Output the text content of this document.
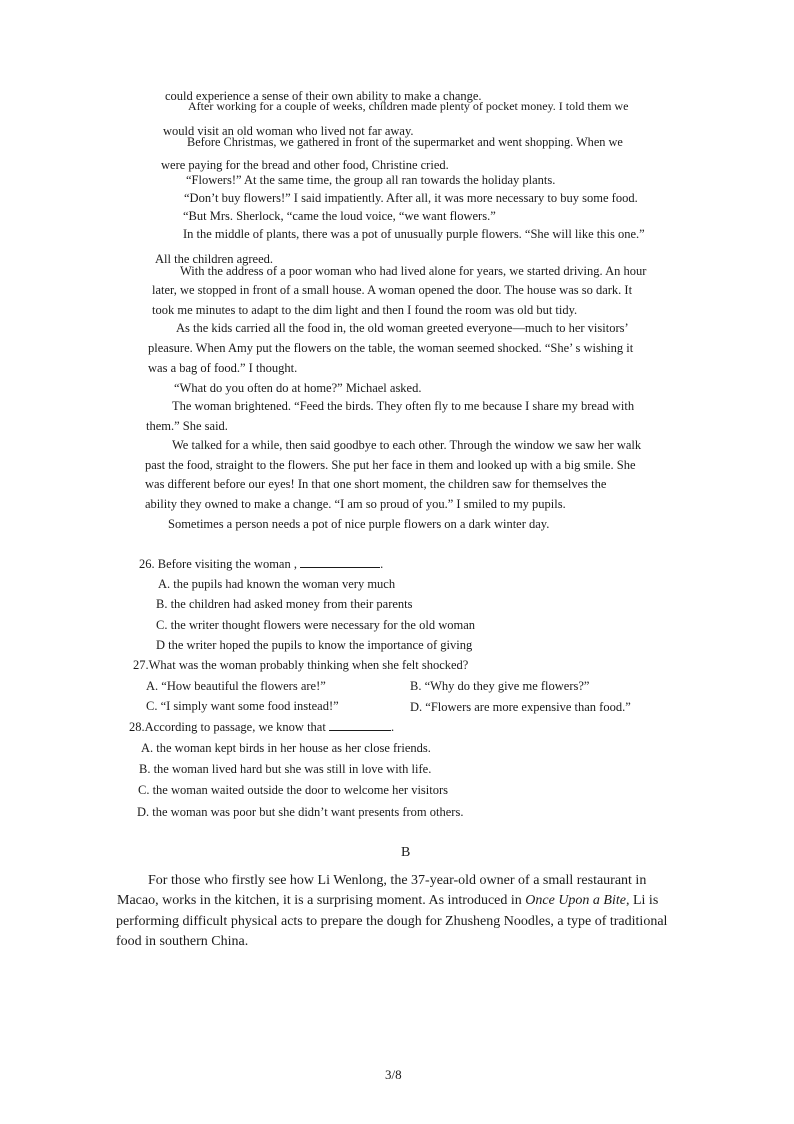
could experience a sense of their own ability to make a change.
After working for a couple of weeks, children made plenty of pocket money. I told them we
would visit an old woman who lived not far away.
Before Christmas, we gathered in front of the supermarket and went shopping. When we
were paying for the bread and other food, Christine cried.
“Flowers!” At the same time, the group all ran towards the holiday plants.
“Don’t buy flowers!” I said impatiently. After all, it was more necessary to buy some food.
“But Mrs. Sherlock, “came the loud voice, “we want flowers.”
In the middle of plants, there was a pot of unusually purple flowers. “She will like this one.”
All the children agreed.
With the address of a poor woman who had lived alone for years, we started driving. An hour
later, we stopped in front of a small house. A woman opened the door. The house was so dark. It
took me minutes to adapt to the dim light and then I found the room was old but tidy.
As the kids carried all the food in, the old woman greeted everyone—much to her visitors’
pleasure. When Amy put the flowers on the table, the woman seemed shocked. “She’ s wishing it
was a bag of food.” I thought.
“What do you often do at home?” Michael asked.
The woman brightened. “Feed the birds. They often fly to me because I share my bread with
them.” She said.
We talked for a while, then said goodbye to each other. Through the window we saw her walk
past the food, straight to the flowers. She put her face in them and looked up with a big smile. She
was different before our eyes! In that one short moment, the children saw for themselves the
ability they owned to make a change. “I am so proud of you.” I smiled to my pupils.
Sometimes a person needs a pot of nice purple flowers on a dark winter day.
26. Before visiting the woman ,	.
A. the pupils had known the woman very much
B. the children had asked money from their parents
C. the writer thought flowers were necessary for the old woman
D the writer hoped the pupils to know the importance of giving
27.What was the woman probably thinking when she felt shocked?
A. “How beautiful the flowers are!”	B. “Why do they give me flowers?”
C. “I simply want some food instead!”	D. “Flowers are more expensive than food.”
28.According to passage, we know that	.
A. the woman kept birds in her house as her close friends.
B. the woman lived hard but she was still in love with life.
C. the woman waited outside the door to welcome her visitors
D. the woman was poor but she didn’t want presents from others.
B
For those who firstly see how Li Wenlong, the 37-year-old owner of a small restaurant in
Macao, works in the kitchen, it is a surprising moment. As introduced in Once Upon a Bite, Li is
performing difficult physical acts to prepare the dough for Zhusheng Noodles, a type of traditional
food in southern China.
3/8
